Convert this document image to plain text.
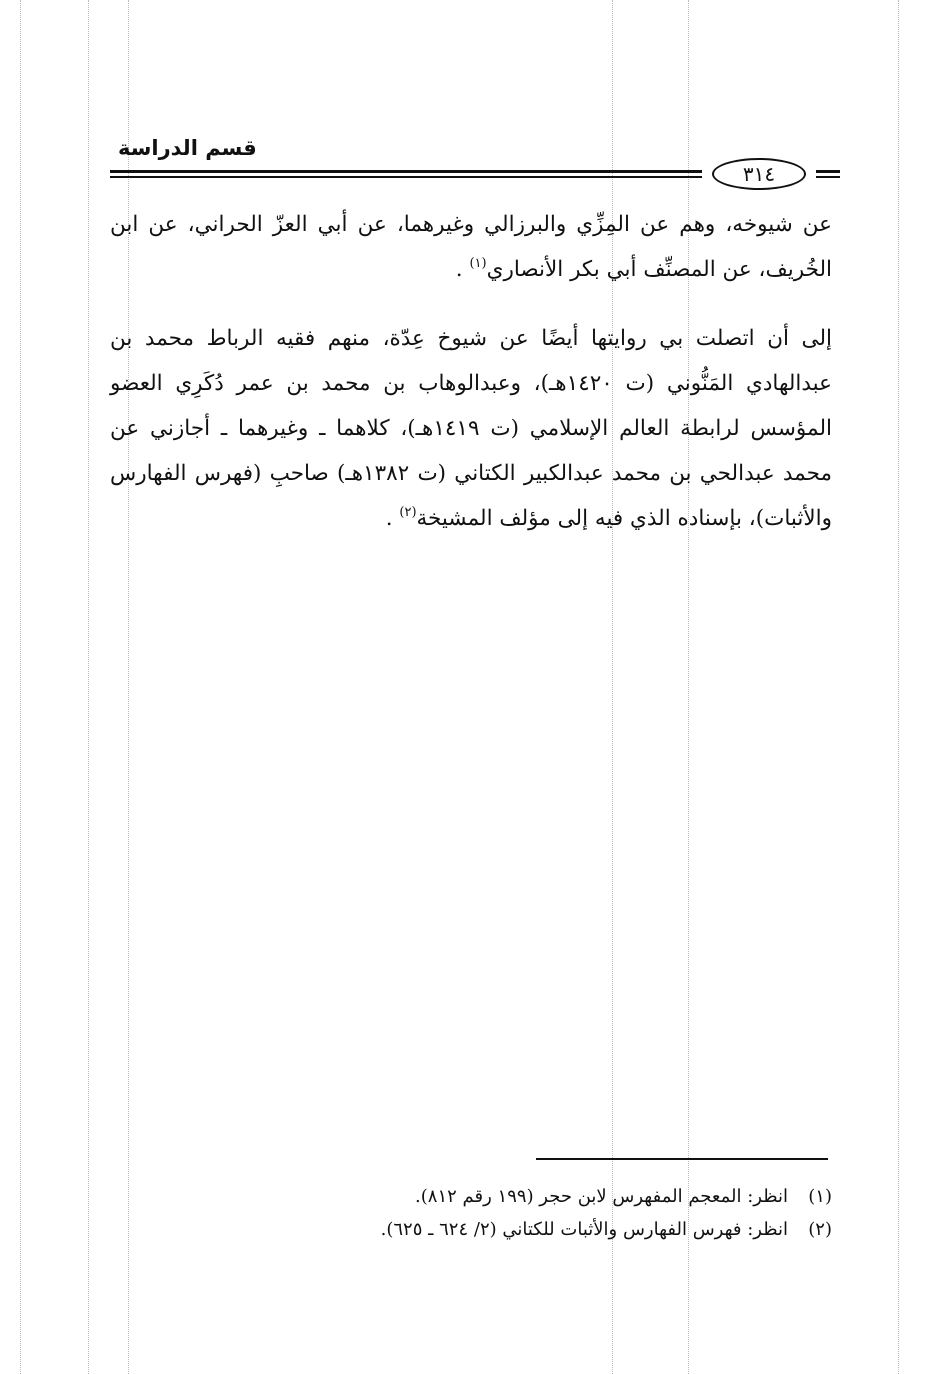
قسم الدراسة
٣١٤

عن شيوخه، وهم عن المِزِّي والبرزالي وغيرهما، عن أبي العزّ الحراني، عن ابن الخُريف، عن المصنِّف أبي بكر الأنصاري$^{(١)}$ .

إلى أن اتصلت بي روايتها أيضًا عن شيوخ عِدّة، منهم فقيه الرباط محمد بن عبدالهادي المَنُّوني (ت ١٤٢٠هـ)، وعبدالوهاب بن محمد بن عمر دُكَرِي العضو المؤسس لرابطة العالم الإسلامي (ت ١٤١٩هـ)، كلاهما ـ وغيرهما ـ أجازني عن محمد عبدالحي بن محمد عبدالكبير الكتاني (ت ١٣٨٢هـ) صاحبِ (فهرس الفهارس والأثبات)، بإسناده الذي فيه إلى مؤلف المشيخة$^{(٢)}$ .

(١)انظر: المعجم المفهرس لابن حجر (١٩٩ رقم ٨١٢).
(٢)انظر: فهرس الفهارس والأثبات للكتاني (٢/ ٦٢٤ ـ ٦٢٥).
